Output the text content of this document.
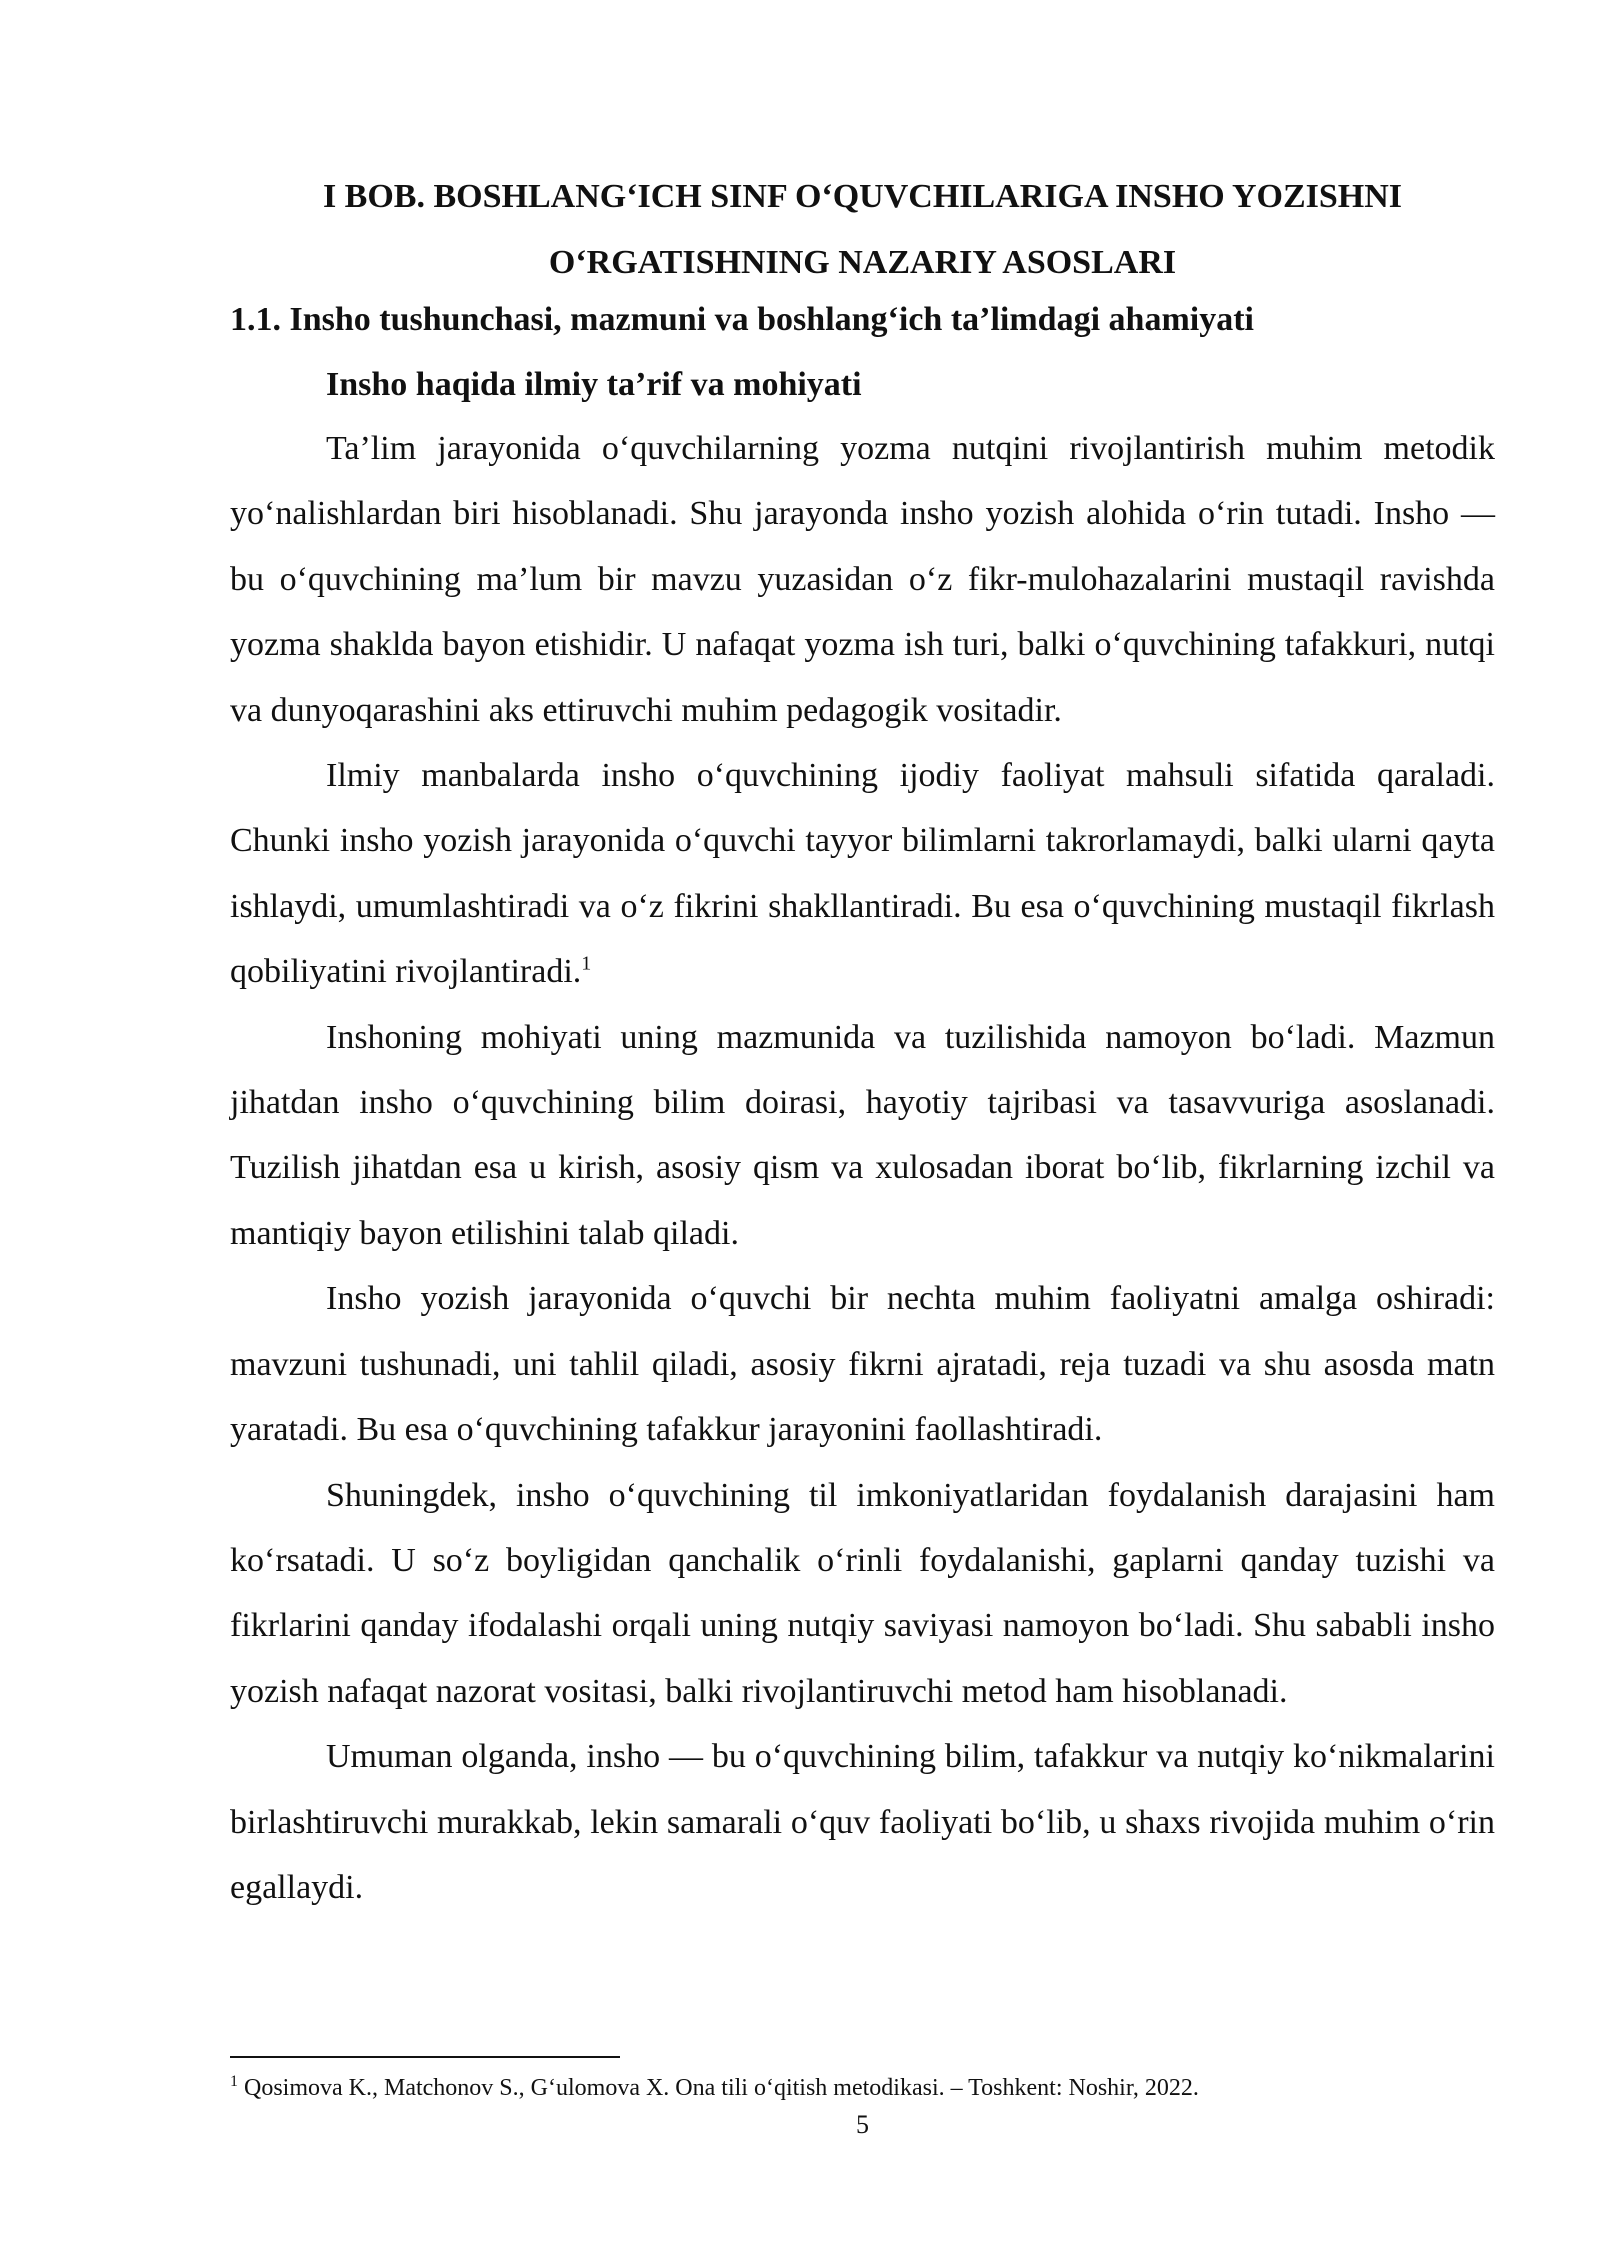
I BOB. BOSHLANG‘ICH SINF O‘QUVCHILARIGA INSHO YOZISHNI
O‘RGATISHNING NAZARIY ASOSLARI
1.1. Insho tushunchasi, mazmuni va boshlang‘ich ta’limdagi ahamiyati
Insho haqida ilmiy ta’rif va mohiyati

Ta’lim jarayonida o‘quvchilarning yozma nutqini rivojlantirish muhim metodik yo‘nalishlardan biri hisoblanadi. Shu jarayonda insho yozish alohida o‘rin tutadi. Insho — bu o‘quvchining ma’lum bir mavzu yuzasidan o‘z fikr-mulohazalarini mustaqil ravishda yozma shaklda bayon etishidir. U nafaqat yozma ish turi, balki o‘quvchining tafakkuri, nutqi va dunyoqarashini aks ettiruvchi muhim pedagogik vositadir.

Ilmiy manbalarda insho o‘quvchining ijodiy faoliyat mahsuli sifatida qaraladi. Chunki insho yozish jarayonida o‘quvchi tayyor bilimlarni takrorlamaydi, balki ularni qayta ishlaydi, umumlashtiradi va o‘z fikrini shakllantiradi. Bu esa o‘quvchining mustaqil fikrlash qobiliyatini rivojlantiradi.$^1$

Inshoning mohiyati uning mazmunida va tuzilishida namoyon bo‘ladi. Mazmun jihatdan insho o‘quvchining bilim doirasi, hayotiy tajribasi va tasavvuriga asoslanadi. Tuzilish jihatdan esa u kirish, asosiy qism va xulosadan iborat bo‘lib, fikrlarning izchil va mantiqiy bayon etilishini talab qiladi.

Insho yozish jarayonida o‘quvchi bir nechta muhim faoliyatni amalga oshiradi: mavzuni tushunadi, uni tahlil qiladi, asosiy fikrni ajratadi, reja tuzadi va shu asosda matn yaratadi. Bu esa o‘quvchining tafakkur jarayonini faollashtiradi.

Shuningdek, insho o‘quvchining til imkoniyatlaridan foydalanish darajasini ham ko‘rsatadi. U so‘z boyligidan qanchalik o‘rinli foydalanishi, gaplarni qanday tuzishi va fikrlarini qanday ifodalashi orqali uning nutqiy saviyasi namoyon bo‘ladi. Shu sababli insho yozish nafaqat nazorat vositasi, balki rivojlantiruvchi metod ham hisoblanadi.

Umuman olganda, insho — bu o‘quvchining bilim, tafakkur va nutqiy ko‘nikmalarini birlashtiruvchi murakkab, lekin samarali o‘quv faoliyati bo‘lib, u shaxs rivojida muhim o‘rin egallaydi.

$^1$ Qosimova K., Matchonov S., G‘ulomova X. Ona tili o‘qitish metodikasi. – Toshkent: Noshir, 2022.

5
